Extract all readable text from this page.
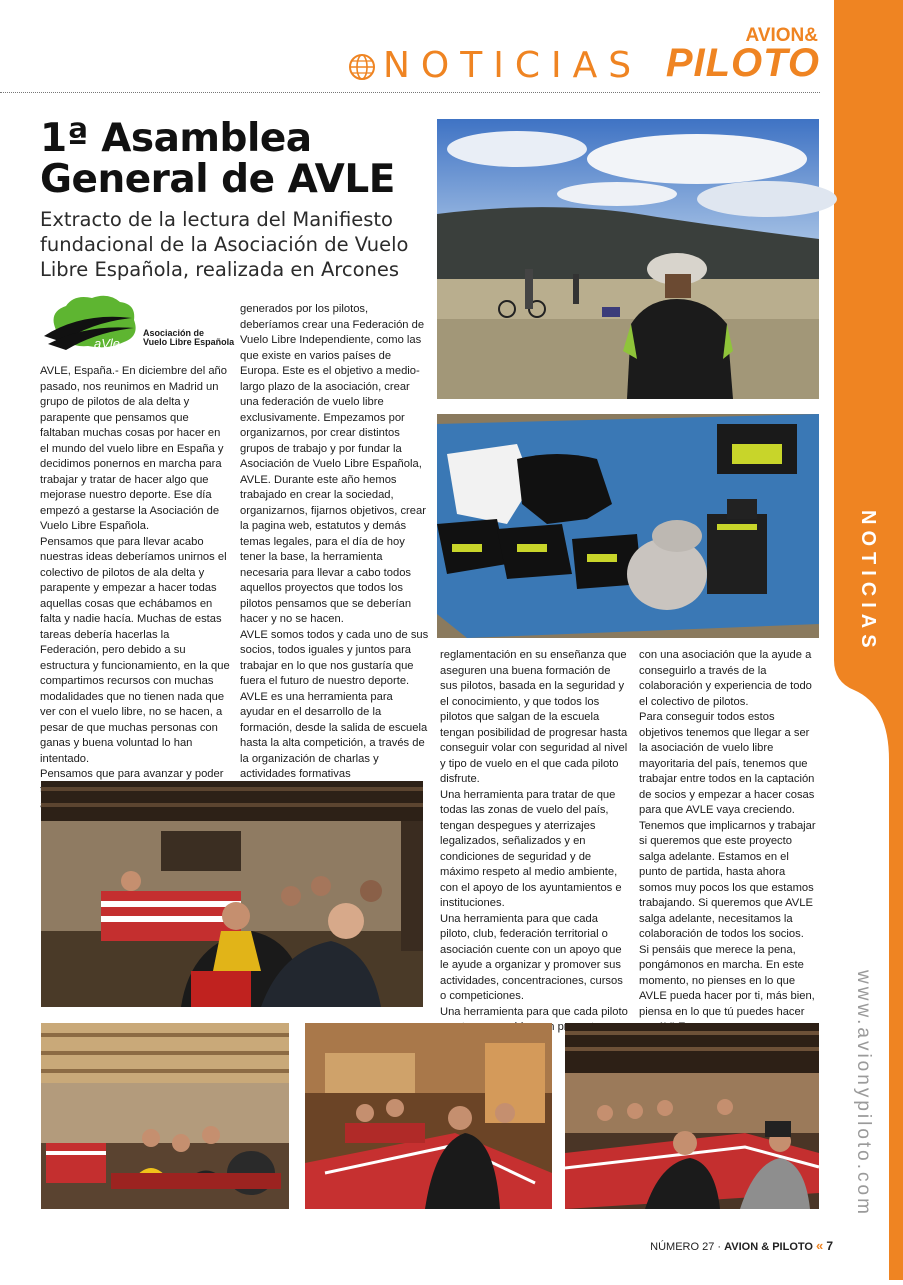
NOTICIAS
AVION&
PILOTO
NOTICIAS
www.avionypiloto.com
1ª Asamblea
General de AVLE
Extracto de la lectura del Manifiesto fundacional de la Asociación de Vuelo Libre Española, realizada en Arcones
aVle
Asociación de
Vuelo Libre Española

AVLE, España.- En diciembre del año pasado, nos reunimos en Madrid un grupo de pilotos de ala delta y parapente que pensamos que faltaban muchas cosas por hacer en el mundo del vuelo libre en España y decidimos ponernos en marcha para trabajar y tratar de hacer algo que mejorase nuestro deporte. Ese día empezó a gestarse la Asociación de Vuelo Libre Española.

Pensamos que para llevar acabo nuestras ideas deberíamos unirnos el colectivo de pilotos de ala delta y parapente y empezar a hacer todas aquellas cosas que echábamos en falta y nadie hacía. Muchas de estas tareas debería hacerlas la Federación, pero debido a su estructura y funcionamiento, en la que compartimos recursos con muchas modalidades que no tienen nada que ver con el vuelo libre, no se hacen, a pesar de que muchas personas con ganas y buena voluntad lo han intentado.

Pensamos que para avanzar y poder

generados por los pilotos, deberíamos crear una Federación de Vuelo Libre Independiente, como las que existe en varios países de Europa. Este es el objetivo a medio-largo plazo de la asociación, crear una federación de vuelo libre exclusivamente. Empezamos por organizarnos, por crear distintos grupos de trabajo y por fundar la Asociación de Vuelo Libre Española, AVLE. Durante este año hemos trabajado en crear la sociedad, organizarnos, fijarnos objetivos, crear la pagina web, estatutos y demás temas legales, para el día de hoy tener la base, la herramienta necesaria para llevar a cabo todos aquellos proyectos que todos los pilotos pensamos que se deberían hacer y no se hacen.

AVLE somos todos y cada uno de sus socios, todos iguales y juntos para trabajar en lo que nos gustaría que fuera el futuro de nuestro deporte.

AVLE es una herramienta para ayudar en el desarrollo de la formación, desde la salida de escuela hasta la alta competición, a través de la organización de charlas y actividades formativas

reglamentación en su enseñanza que aseguren una buena formación de sus pilotos, basada en la seguridad y el conocimiento, y que todos los pilotos que salgan de la escuela tengan posibilidad de progresar hasta conseguir volar con seguridad al nivel y tipo de vuelo en el que cada piloto disfrute.

Una herramienta para tratar de que todas las zonas de vuelo del país, tengan despegues y aterrizajes legalizados, señalizados y en condiciones de seguridad y de máximo respeto al medio ambiente, con el apoyo de los ayuntamientos e instituciones.

Una herramienta para que cada piloto, club, federación territorial o asociación cuente con un apoyo que le ayude a organizar y promover sus actividades, concentraciones, cursos o competiciones.

Una herramienta para que cada piloto

con una asociación que la ayude a conseguirlo a través de la colaboración y experiencia de todo el colectivo de pilotos.

Para conseguir todos estos objetivos tenemos que llegar a ser la asociación de vuelo libre mayoritaria del país, tenemos que trabajar entre todos en la captación de socios y empezar a hacer cosas para que AVLE vaya creciendo. Tenemos que implicarnos y trabajar si queremos que este proyecto salga adelante. Estamos en el punto de partida, hasta ahora somos muy pocos los que estamos trabajando. Si queremos que AVLE salga adelante, necesitamos la colaboración de todos los socios.

Si pensáis que merece la pena, pongámonos en marcha. En este momento, no pienses en lo que AVLE pueda hacer por ti, más bien, piensa en lo que tú puedes hacer

NÚMERO 27 · AVION & PILOTO « 7
